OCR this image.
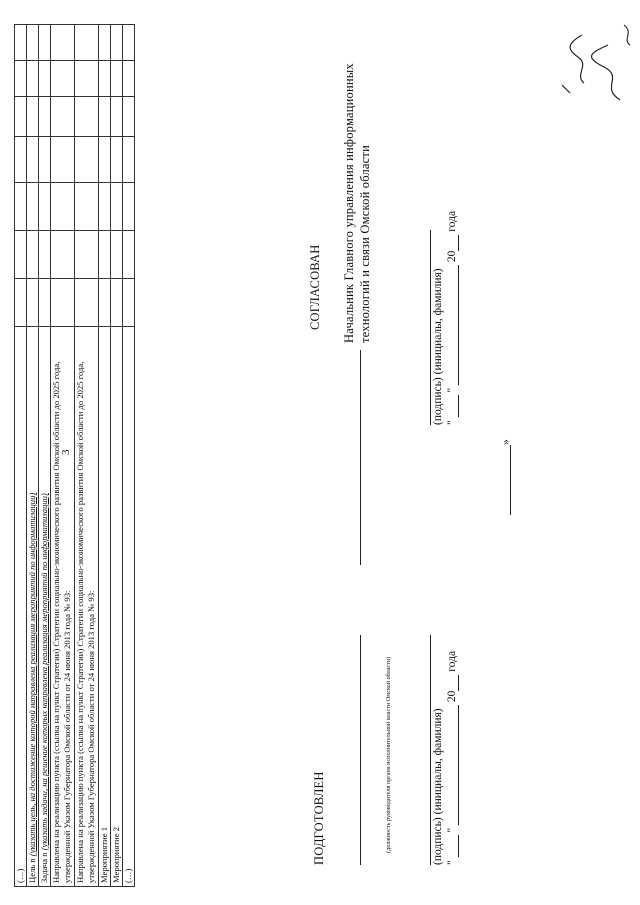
3
(…)							
Цель n (указать цель, на достижение которой направлена реализация мероприятий по информатизации)							
Задача n (указать задачи, на решение которых направлена реализация мероприятий по информатизации)							

Направлена на реализацию пункта (ссылка на пункт Стратегии) Стратегии социально-экономического развития Омской области до 2025 года, утвержденной Указом Губернатора Омской области от 24 июня 2013 года № 93:							

Направлена на реализацию пункта (ссылка на пункт Стратегии) Стратегии социально-экономического развития Омской области до 2025 года, утвержденной Указом Губернатора Омской области от 24 июня 2013 года № 93:							

Мероприятие 1							
Мероприятие 2							
(…)							
ПОДГОТОВЛЕН	(должность руководителя органа исполнительной власти Омской области)	(подпись) (инициалы, фамилия) "   "   20  года
СОГЛАСОВАН Начальник Главного управления информационных технологий и связи Омской области
(подпись) (инициалы, фамилия) "   "   20  года
»
